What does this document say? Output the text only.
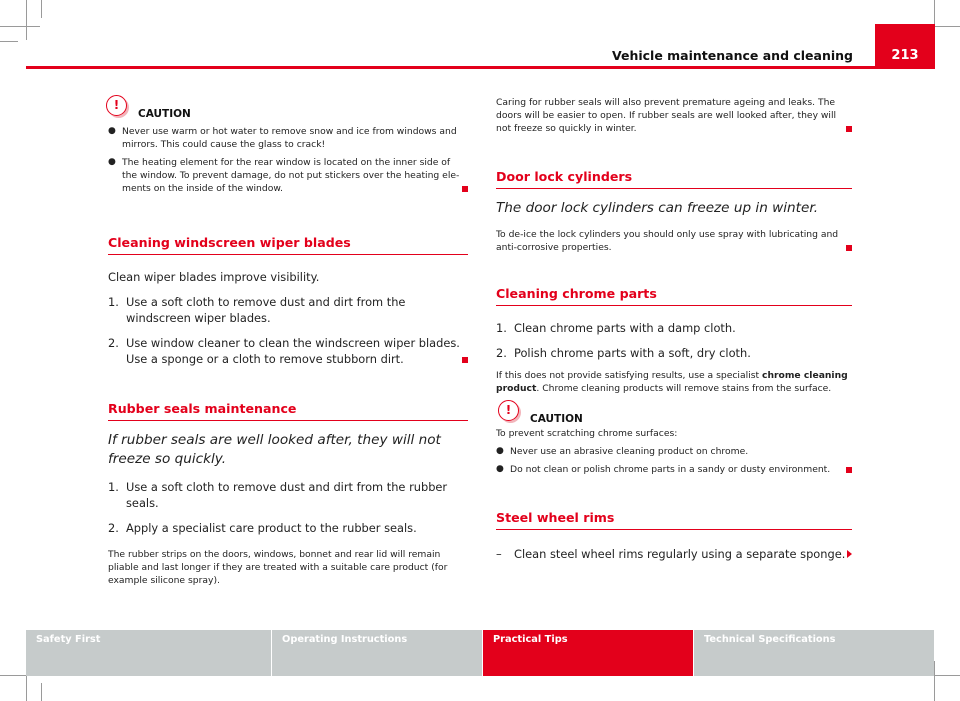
Vehicle maintenance and cleaning	213
!
CAUTION
● Never use warm or hot water to remove snow and ice from windows and mirrors. This could cause the glass to crack!

● The heating element for the rear window is located on the inner side of the window. To prevent damage, do not put stickers over the heating ele- ments on the inside of the window.

Cleaning windscreen wiper blades

Clean wiper blades improve visibility.

1. Use a soft cloth to remove dust and dirt from the windscreen wiper blades.
2. Use window cleaner to clean the windscreen wiper blades. Use a sponge or a cloth to remove stubborn dirt.
Rubber seals maintenance

If rubber seals are well looked after, they will not freeze so quickly.

1. Use a soft cloth to remove dust and dirt from the rubber seals.
2. Apply a specialist care product to the rubber seals.

The rubber strips on the doors, windows, bonnet and rear lid will remain pliable and last longer if they are treated with a suitable care product (for example silicone spray).

Caring for rubber seals will also prevent premature ageing and leaks. The doors will be easier to open. If rubber seals are well looked after, they will not freeze so quickly in winter.

Door lock cylinders

The door lock cylinders can freeze up in winter.

To de-ice the lock cylinders you should only use spray with lubricating and anti-corrosive properties.

Cleaning chrome parts
1. Clean chrome parts with a damp cloth.
2. Polish chrome parts with a soft, dry cloth.

If this does not provide satisfying results, use a specialist chrome cleaning product. Chrome cleaning products will remove stains from the surface.

!
CAUTION

To prevent scratching chrome surfaces:

● Never use an abrasive cleaning product on chrome.

● Do not clean or polish chrome parts in a sandy or dusty environment.

Steel wheel rims
–	Clean steel wheel rims regularly using a separate sponge.
Safety First	Operating Instructions	Practical Tips	Technical Specifications
